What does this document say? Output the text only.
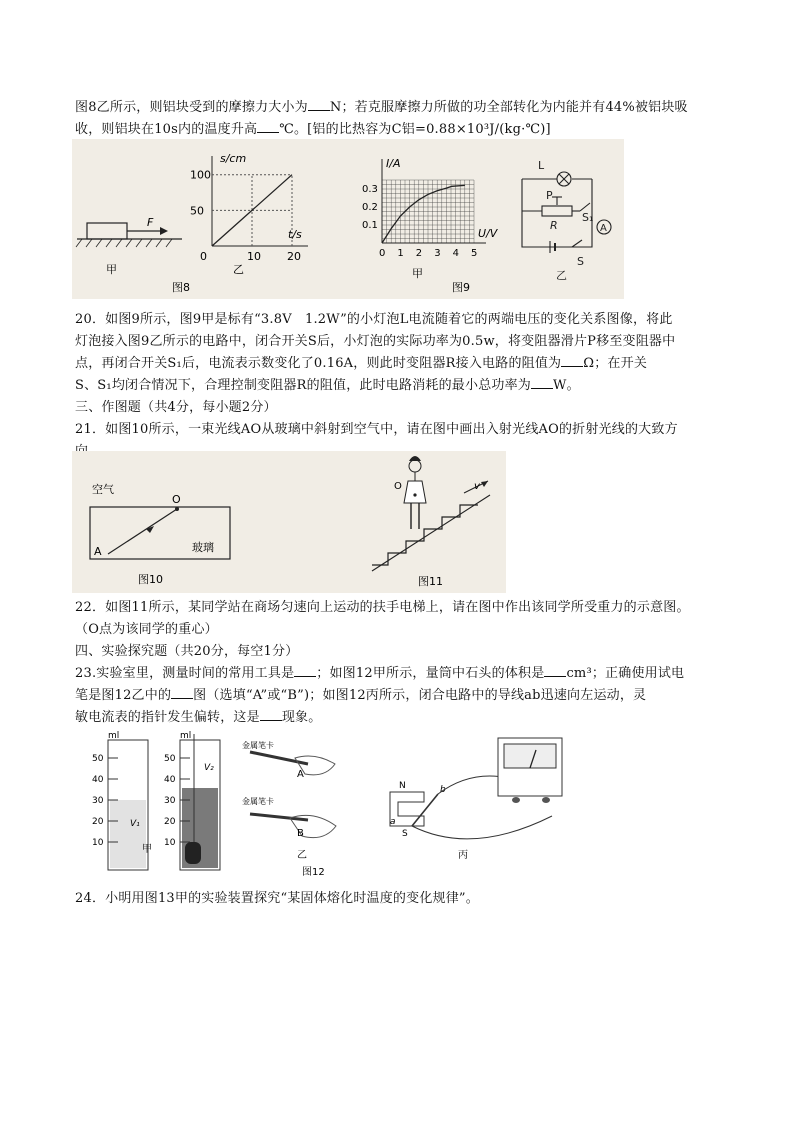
图8乙所示，则铝块受到的摩擦力大小为 N；若克服摩擦力所做的功全部转化为内能并有44%被铝块吸
收，则铝块在10s内的温度升高 ℃。[铝的比热容为C铝=0.88×10³J/(kg·℃)]
F
甲
50
100
0	10 20
t/s
s/cm
图8
乙
0 1 2 3 4 5
0.1
0.2
0.3
U/V
I/A
甲
图9
L
P
R
S₁
A
S
乙
20．如图9所示，图9甲是标有“3.8V　1.2W”的小灯泡L电流随着它的两端电压的变化关系图像，将此
灯泡接入图9乙所示的电路中，闭合开关S后，小灯泡的实际功率为0.5w，将变阻器滑片P移至变阻器中
点，再闭合开关S₁后，电流表示数变化了0.16A，则此时变阻器R接入电路的阻值为 Ω；在开关
S、S₁均闭合情况下，合理控制变阻器R的阻值，此时电路消耗的最小总功率为 W。
三、作图题（共4分，每小题2分）
21．如图10所示，一束光线AO从玻璃中斜射到空气中，请在图中画出入射光线AO的折射光线的大致方
空气
A
O
玻璃
图10
v
O
图11
22．如图11所示，某同学站在商场匀速向上运动的扶手电梯上，请在图中作出该同学所受重力的示意图。
（O点为该同学的重心）
四、实验探究题（共20分，每空1分）
23.实验室里，测量时间的常用工具是 ；如图12甲所示，量筒中石头的体积是 cm³；正确使用试电
笔是图12乙中的 图（选填“A”或“B”)；如图12丙所示，闭合电路中的导线ab迅速向左运动，灵
敏电流表的指针发生偏转，这是 现象。
ml
50
40
30
20
10
V₁
ml
50
40
30
20
10
V₂
金属笔卡
A
金属笔卡
B
乙
图12
N
S
a
b
丙
甲
24．小明用图13甲的实验装置探究“某固体熔化时温度的变化规律”。
